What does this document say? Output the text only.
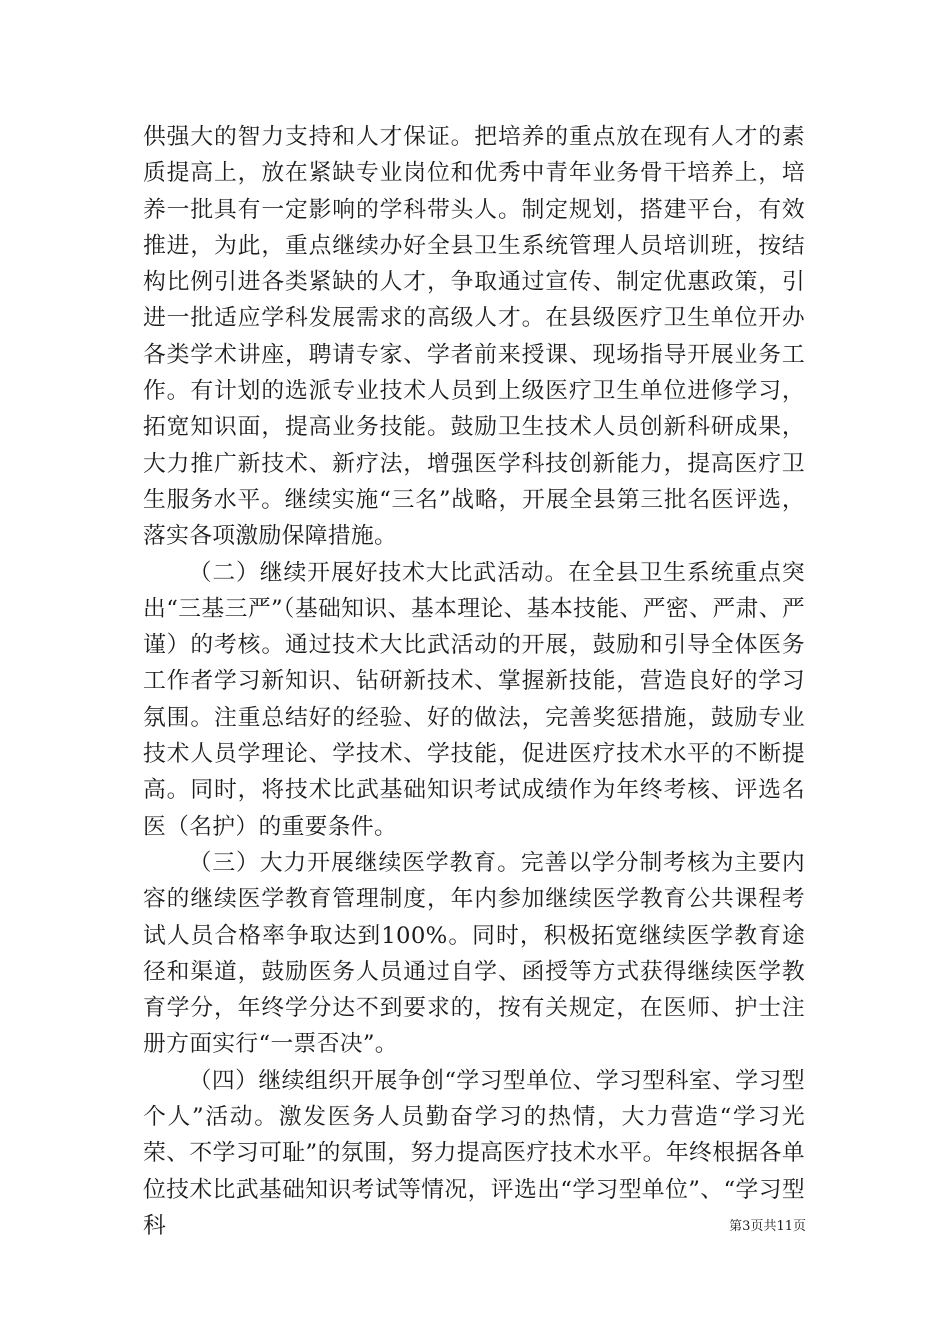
供强大的智力支持和人才保证。把培养的重点放在现有人才的素质提高上，放在紧缺专业岗位和优秀中青年业务骨干培养上，培养一批具有一定影响的学科带头人。制定规划，搭建平台，有效推进，为此，重点继续办好全县卫生系统管理人员培训班，按结构比例引进各类紧缺的人才，争取通过宣传、制定优惠政策，引进一批适应学科发展需求的高级人才。在县级医疗卫生单位开办各类学术讲座，聘请专家、学者前来授课、现场指导开展业务工作。有计划的选派专业技术人员到上级医疗卫生单位进修学习，拓宽知识面，提高业务技能。鼓励卫生技术人员创新科研成果，大力推广新技术、新疗法，增强医学科技创新能力，提高医疗卫生服务水平。继续实施“三名”战略，开展全县第三批名医评选，落实各项激励保障措施。

（二）继续开展好技术大比武活动。在全县卫生系统重点突出“三基三严”（基础知识、基本理论、基本技能、严密、严肃、严谨）的考核。通过技术大比武活动的开展，鼓励和引导全体医务工作者学习新知识、钻研新技术、掌握新技能，营造良好的学习氛围。注重总结好的经验、好的做法，完善奖惩措施，鼓励专业技术人员学理论、学技术、学技能，促进医疗技术水平的不断提高。同时，将技术比武基础知识考试成绩作为年终考核、评选名医（名护）的重要条件。

（三）大力开展继续医学教育。完善以学分制考核为主要内容的继续医学教育管理制度，年内参加继续医学教育公共课程考试人员合格率争取达到100%。同时，积极拓宽继续医学教育途径和渠道，鼓励医务人员通过自学、函授等方式获得继续医学教育学分，年终学分达不到要求的，按有关规定，在医师、护士注册方面实行“一票否决”。

（四）继续组织开展争创“学习型单位、学习型科室、学习型个人”活动。激发医务人员勤奋学习的热情，大力营造“学习光荣、不学习可耻”的氛围，努力提高医疗技术水平。年终根据各单位技术比武基础知识考试等情况，评选出“学习型单位”、“学习型科	第3页共11页
